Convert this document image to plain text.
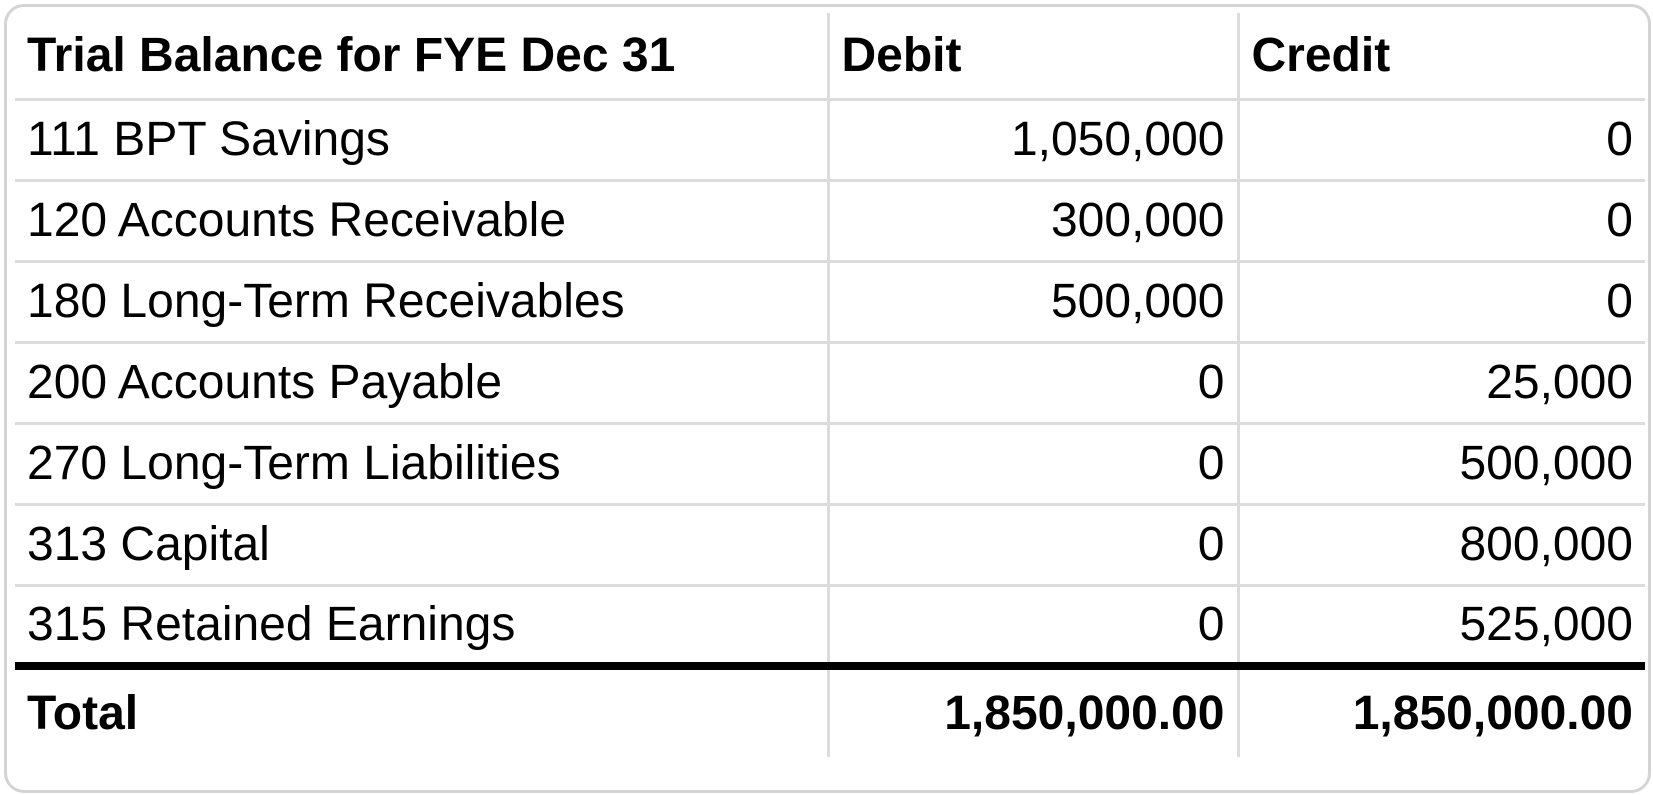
Trial Balance for FYE Dec 31	Debit	Credit
111 BPT Savings	1,050,000	0
120 Accounts Receivable	300,000	0
180 Long-Term Receivables	500,000	0
200 Accounts Payable	0	25,000
270 Long-Term Liabilities	0	500,000
313 Capital	0	800,000
315 Retained Earnings	0	525,000
Total	1,850,000.00	1,850,000.00
